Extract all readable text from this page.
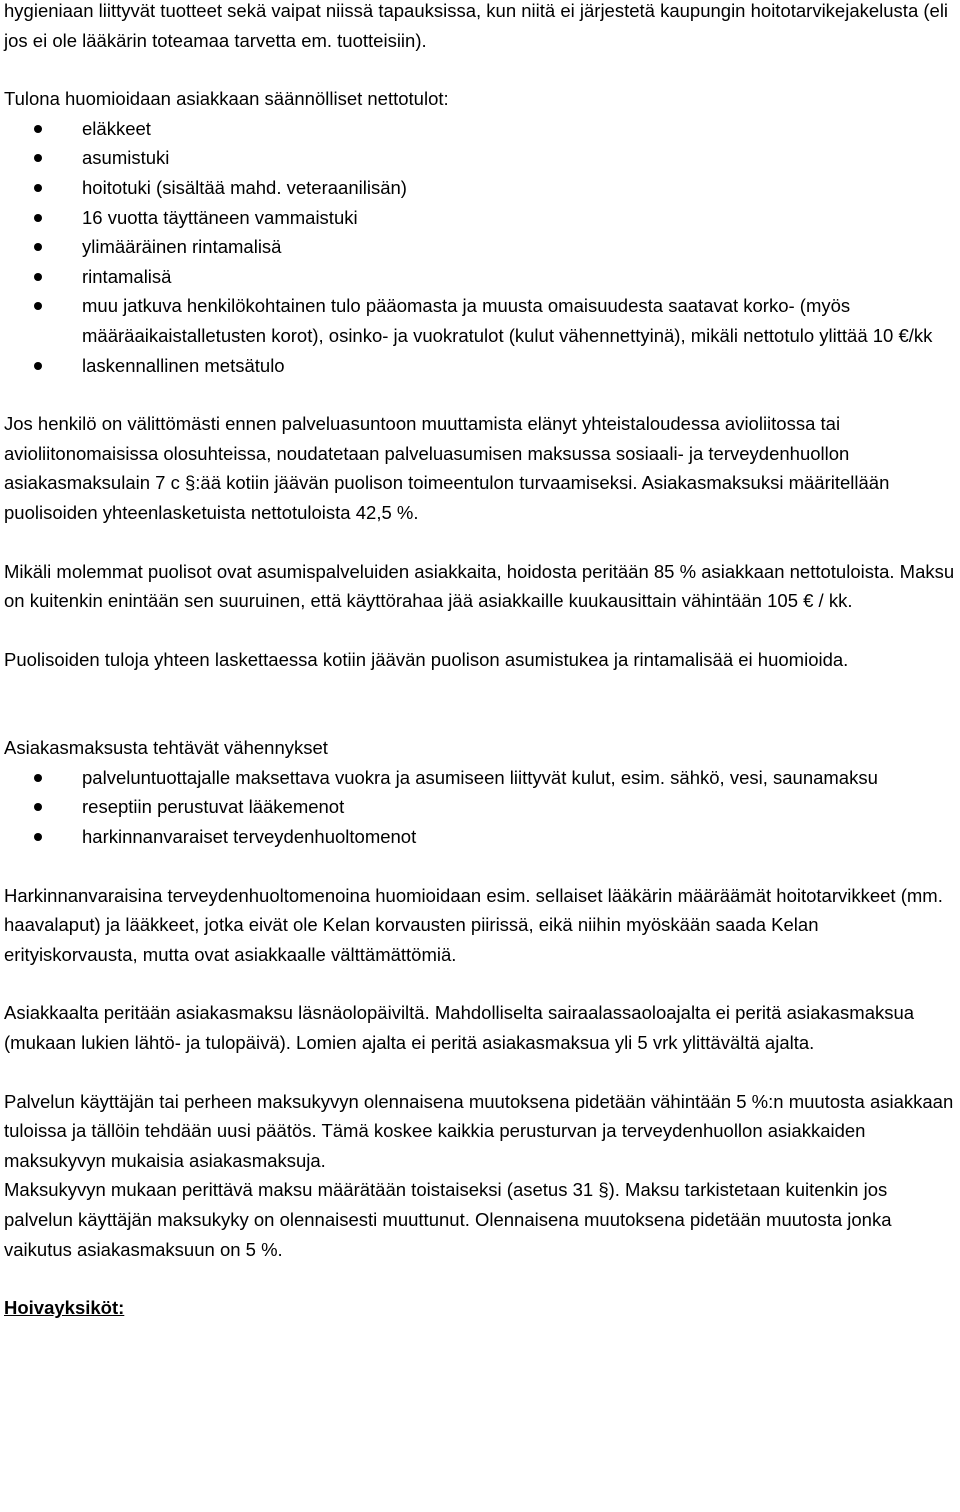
hygieniaan liittyvät tuotteet sekä vaipat niissä tapauksissa, kun niitä ei järjestetä kaupungin hoitotarvikejakelusta (eli jos ei ole lääkärin toteamaa tarvetta em. tuotteisiin).

Tulona huomioidaan asiakkaan säännölliset nettotulot:

eläkkeet
asumistuki
hoitotuki (sisältää mahd. veteraanilisän)
16 vuotta täyttäneen vammaistuki
ylimääräinen rintamalisä
rintamalisä
muu jatkuva henkilökohtainen tulo pääomasta ja muusta omaisuudesta saatavat korko- (myös määräaikaistalletusten korot), osinko- ja vuokratulot (kulut vähennettyinä), mikäli nettotulo ylittää 10 €/kk
laskennallinen metsätulo

Jos henkilö on välittömästi ennen palveluasuntoon muuttamista elänyt yhteistaloudessa avioliitossa tai avioliitonomaisissa olosuhteissa, noudatetaan palveluasumisen maksussa sosiaali- ja terveydenhuollon asiakasmaksulain 7 c §:ää kotiin jäävän puolison toimeentulon turvaamiseksi. Asiakasmaksuksi määritellään puolisoiden yhteenlasketuista nettotuloista 42,5 %.

Mikäli molemmat puolisot ovat asumispalveluiden asiakkaita, hoidosta peritään 85 % asiakkaan nettotuloista. Maksu on kuitenkin enintään sen suuruinen, että käyttörahaa jää asiakkaille kuukausittain vähintään 105 € / kk.

Puolisoiden tuloja yhteen laskettaessa kotiin jäävän puolison asumistukea ja rintamalisää ei huomioida.

Asiakasmaksusta tehtävät vähennykset

palveluntuottajalle maksettava vuokra ja asumiseen liittyvät kulut, esim. sähkö, vesi, saunamaksu
reseptiin perustuvat lääkemenot
harkinnanvaraiset terveydenhuoltomenot

Harkinnanvaraisina terveydenhuoltomenoina huomioidaan esim. sellaiset lääkärin määräämät hoitotarvikkeet (mm. haavalaput) ja lääkkeet, jotka eivät ole Kelan korvausten piirissä, eikä niihin myöskään saada Kelan erityiskorvausta, mutta ovat asiakkaalle välttämättömiä.

Asiakkaalta peritään asiakasmaksu läsnäolopäiviltä. Mahdolliselta sairaalassaoloajalta ei peritä asiakasmaksua (mukaan lukien lähtö- ja tulopäivä). Lomien ajalta ei peritä asiakasmaksua yli 5 vrk ylittävältä ajalta.

Palvelun käyttäjän tai perheen maksukyvyn olennaisena muutoksena pidetään vähintään 5 %:n muutosta asiakkaan tuloissa ja tällöin tehdään uusi päätös. Tämä koskee kaikkia perusturvan ja terveydenhuollon asiakkaiden maksukyvyn mukaisia asiakasmaksuja.

Maksukyvyn mukaan perittävä maksu määrätään toistaiseksi (asetus 31 §). Maksu tarkistetaan kuitenkin jos palvelun käyttäjän maksukyky on olennaisesti muuttunut. Olennaisena muutoksena pidetään muutosta jonka vaikutus asiakasmaksuun on 5 %.

Hoivayksiköt:
